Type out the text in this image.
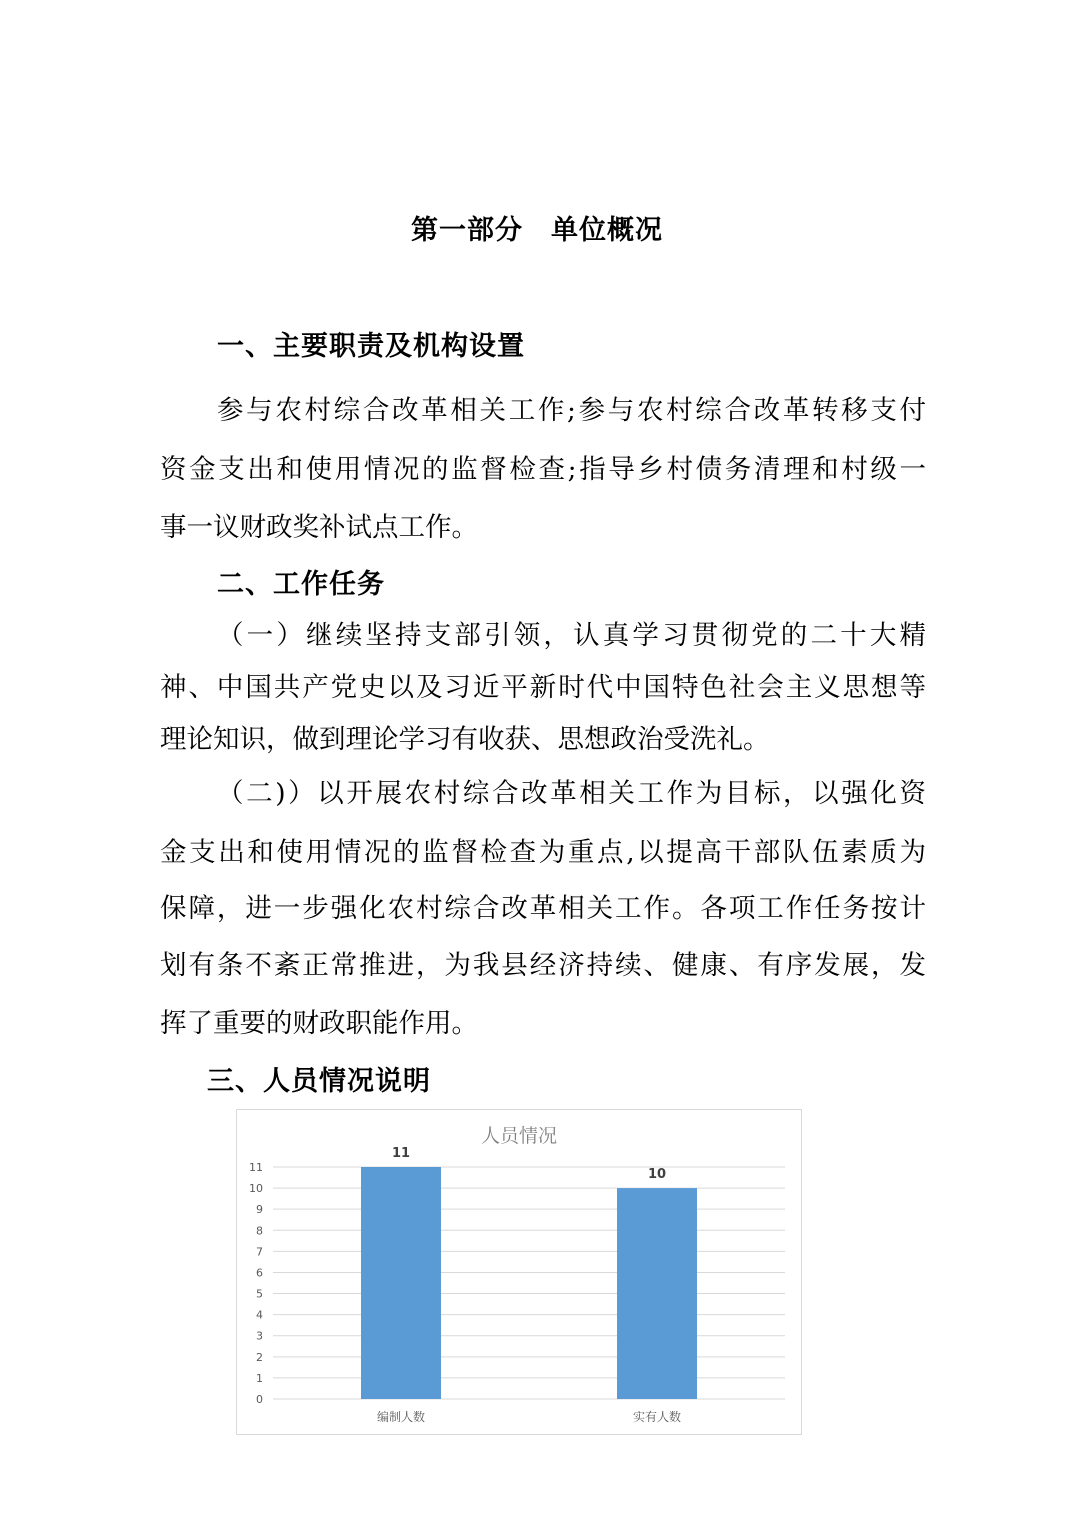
第一部分　单位概况
一、主要职责及机构设置
参与农村综合改革相关工作;参与农村综合改革转移支付
资金支出和使用情况的监督检查;指导乡村债务清理和村级一
事一议财政奖补试点工作。
二、工作任务
（一）继续坚持支部引领，认真学习贯彻党的二十大精
神、中国共产党史以及习近平新时代中国特色社会主义思想等
理论知识，做到理论学习有收获、思想政治受洗礼。
（二)）以开展农村综合改革相关工作为目标，以强化资
金支出和使用情况的监督检查为重点,以提高干部队伍素质为
保障，进一步强化农村综合改革相关工作。各项工作任务按计
划有条不紊正常推进，为我县经济持续、健康、有序发展，发
挥了重要的财政职能作用。
三、人员情况说明
人员情况
0
1
2
3
4
5
6
7
8
9
10
11
11
10
编制人数	实有人数
